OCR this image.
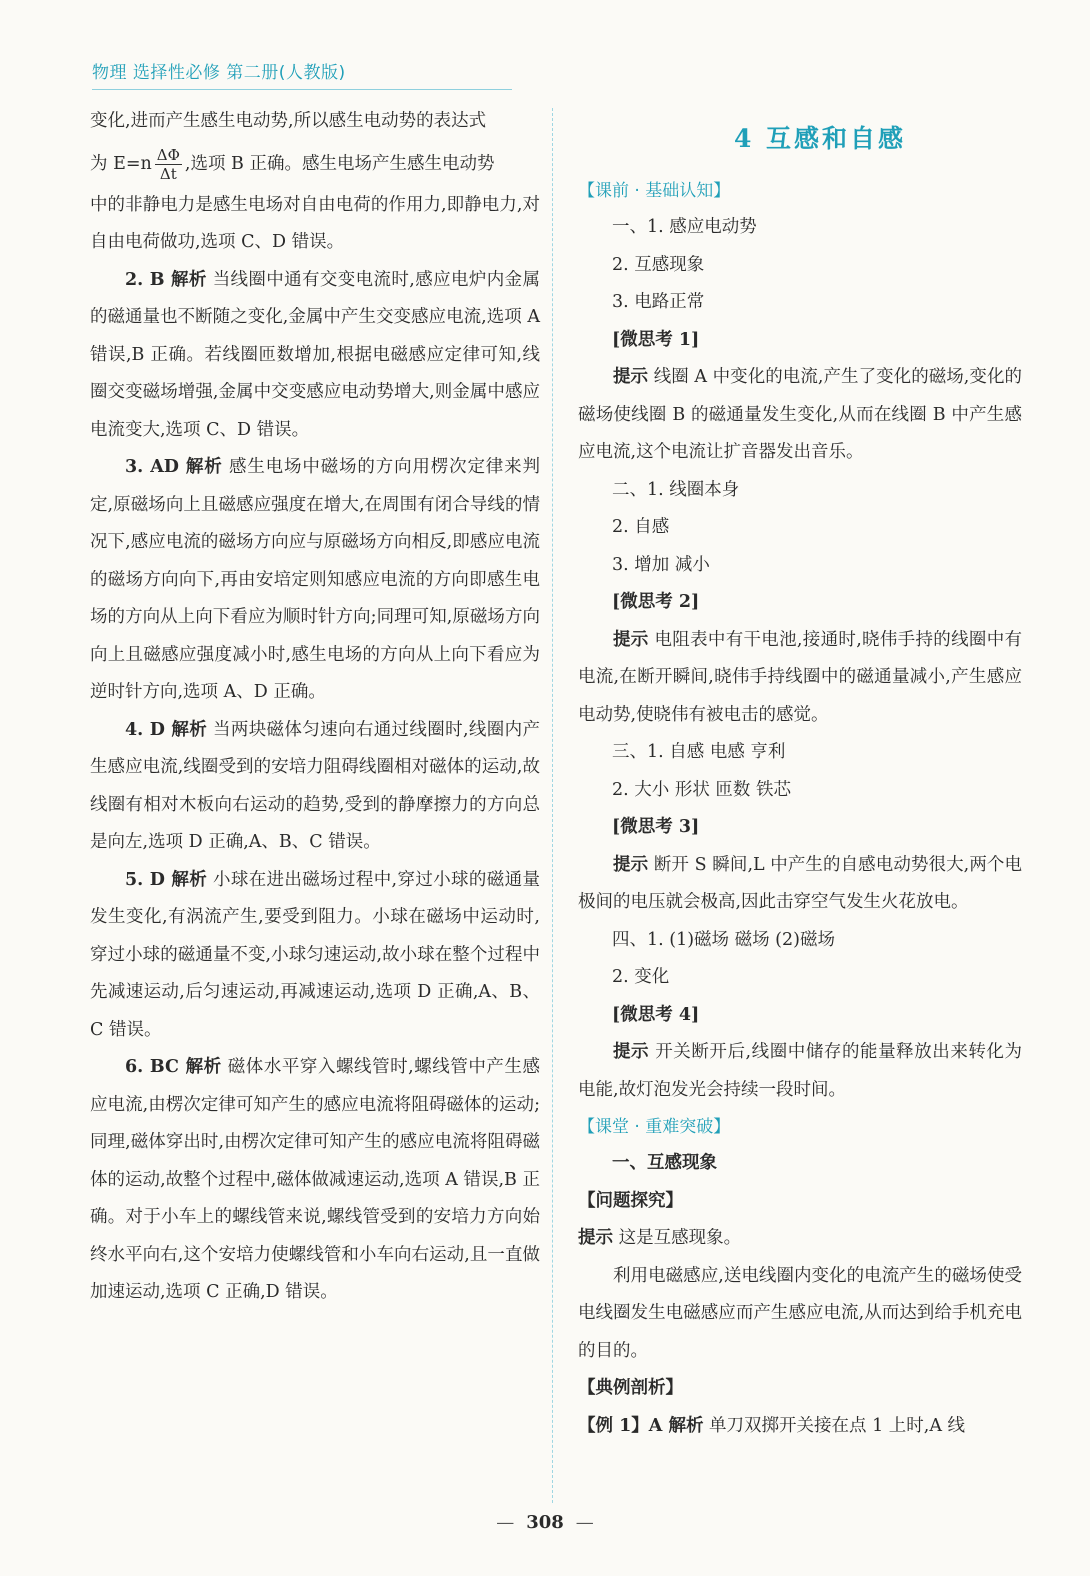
物理 选择性必修 第二册(人教版)

变化,进而产生感生电动势,所以感生电动势的表达式

为 $E=n \frac{\Delta\Phi}{\Delta t}$ ,选项 B 正确。感生电场产生感生电动势

中的非静电力是感生电场对自由电荷的作用力,即静电力,对自由电荷做功,选项 C、D 错误。

2. B 解析 当线圈中通有交变电流时,感应电炉内金属的磁通量也不断随之变化,金属中产生交变感应电流,选项 A 错误,B 正确。若线圈匝数增加,根据电磁感应定律可知,线圈交变磁场增强,金属中交变感应电动势增大,则金属中感应电流变大,选项 C、D 错误。

3. AD 解析 感生电场中磁场的方向用楞次定律来判定,原磁场向上且磁感应强度在增大,在周围有闭合导线的情况下,感应电流的磁场方向应与原磁场方向相反,即感应电流的磁场方向向下,再由安培定则知感应电流的方向即感生电场的方向从上向下看应为顺时针方向;同理可知,原磁场方向向上且磁感应强度减小时,感生电场的方向从上向下看应为逆时针方向,选项 A、D 正确。

4. D 解析 当两块磁体匀速向右通过线圈时,线圈内产生感应电流,线圈受到的安培力阻碍线圈相对磁体的运动,故线圈有相对木板向右运动的趋势,受到的静摩擦力的方向总是向左,选项 D 正确,A、B、C 错误。

5. D 解析 小球在进出磁场过程中,穿过小球的磁通量发生变化,有涡流产生,要受到阻力。小球在磁场中运动时,穿过小球的磁通量不变,小球匀速运动,故小球在整个过程中先减速运动,后匀速运动,再减速运动,选项 D 正确,A、B、C 错误。

6. BC 解析 磁体水平穿入螺线管时,螺线管中产生感应电流,由楞次定律可知产生的感应电流将阻碍磁体的运动;同理,磁体穿出时,由楞次定律可知产生的感应电流将阻碍磁体的运动,故整个过程中,磁体做减速运动,选项 A 错误,B 正确。对于小车上的螺线管来说,螺线管受到的安培力方向始终水平向右,这个安培力使螺线管和小车向右运动,且一直做加速运动,选项 C 正确,D 错误。

4 互感和自感

【课前 · 基础认知】

一、1. 感应电动势

2. 互感现象

3. 电路正常

[微思考 1]

提示 线圈 A 中变化的电流,产生了变化的磁场,变化的磁场使线圈 B 的磁通量发生变化,从而在线圈 B 中产生感应电流,这个电流让扩音器发出音乐。

二、1. 线圈本身

2. 自感

3. 增加 减小

[微思考 2]

提示 电阻表中有干电池,接通时,晓伟手持的线圈中有电流,在断开瞬间,晓伟手持线圈中的磁通量减小,产生感应电动势,使晓伟有被电击的感觉。

三、1. 自感 电感 亨利

2. 大小 形状 匝数 铁芯

[微思考 3]

提示 断开 S 瞬间,L 中产生的自感电动势很大,两个电极间的电压就会极高,因此击穿空气发生火花放电。

四、1. (1)磁场 磁场 (2)磁场

2. 变化

[微思考 4]

提示 开关断开后,线圈中储存的能量释放出来转化为电能,故灯泡发光会持续一段时间。

【课堂 · 重难突破】

一、互感现象

【问题探究】

提示 这是互感现象。

利用电磁感应,送电线圈内变化的电流产生的磁场使受电线圈发生电磁感应而产生感应电流,从而达到给手机充电的目的。

【典例剖析】

【例 1】A 解析 单刀双掷开关接在点 1 上时,A 线

— 308 —
